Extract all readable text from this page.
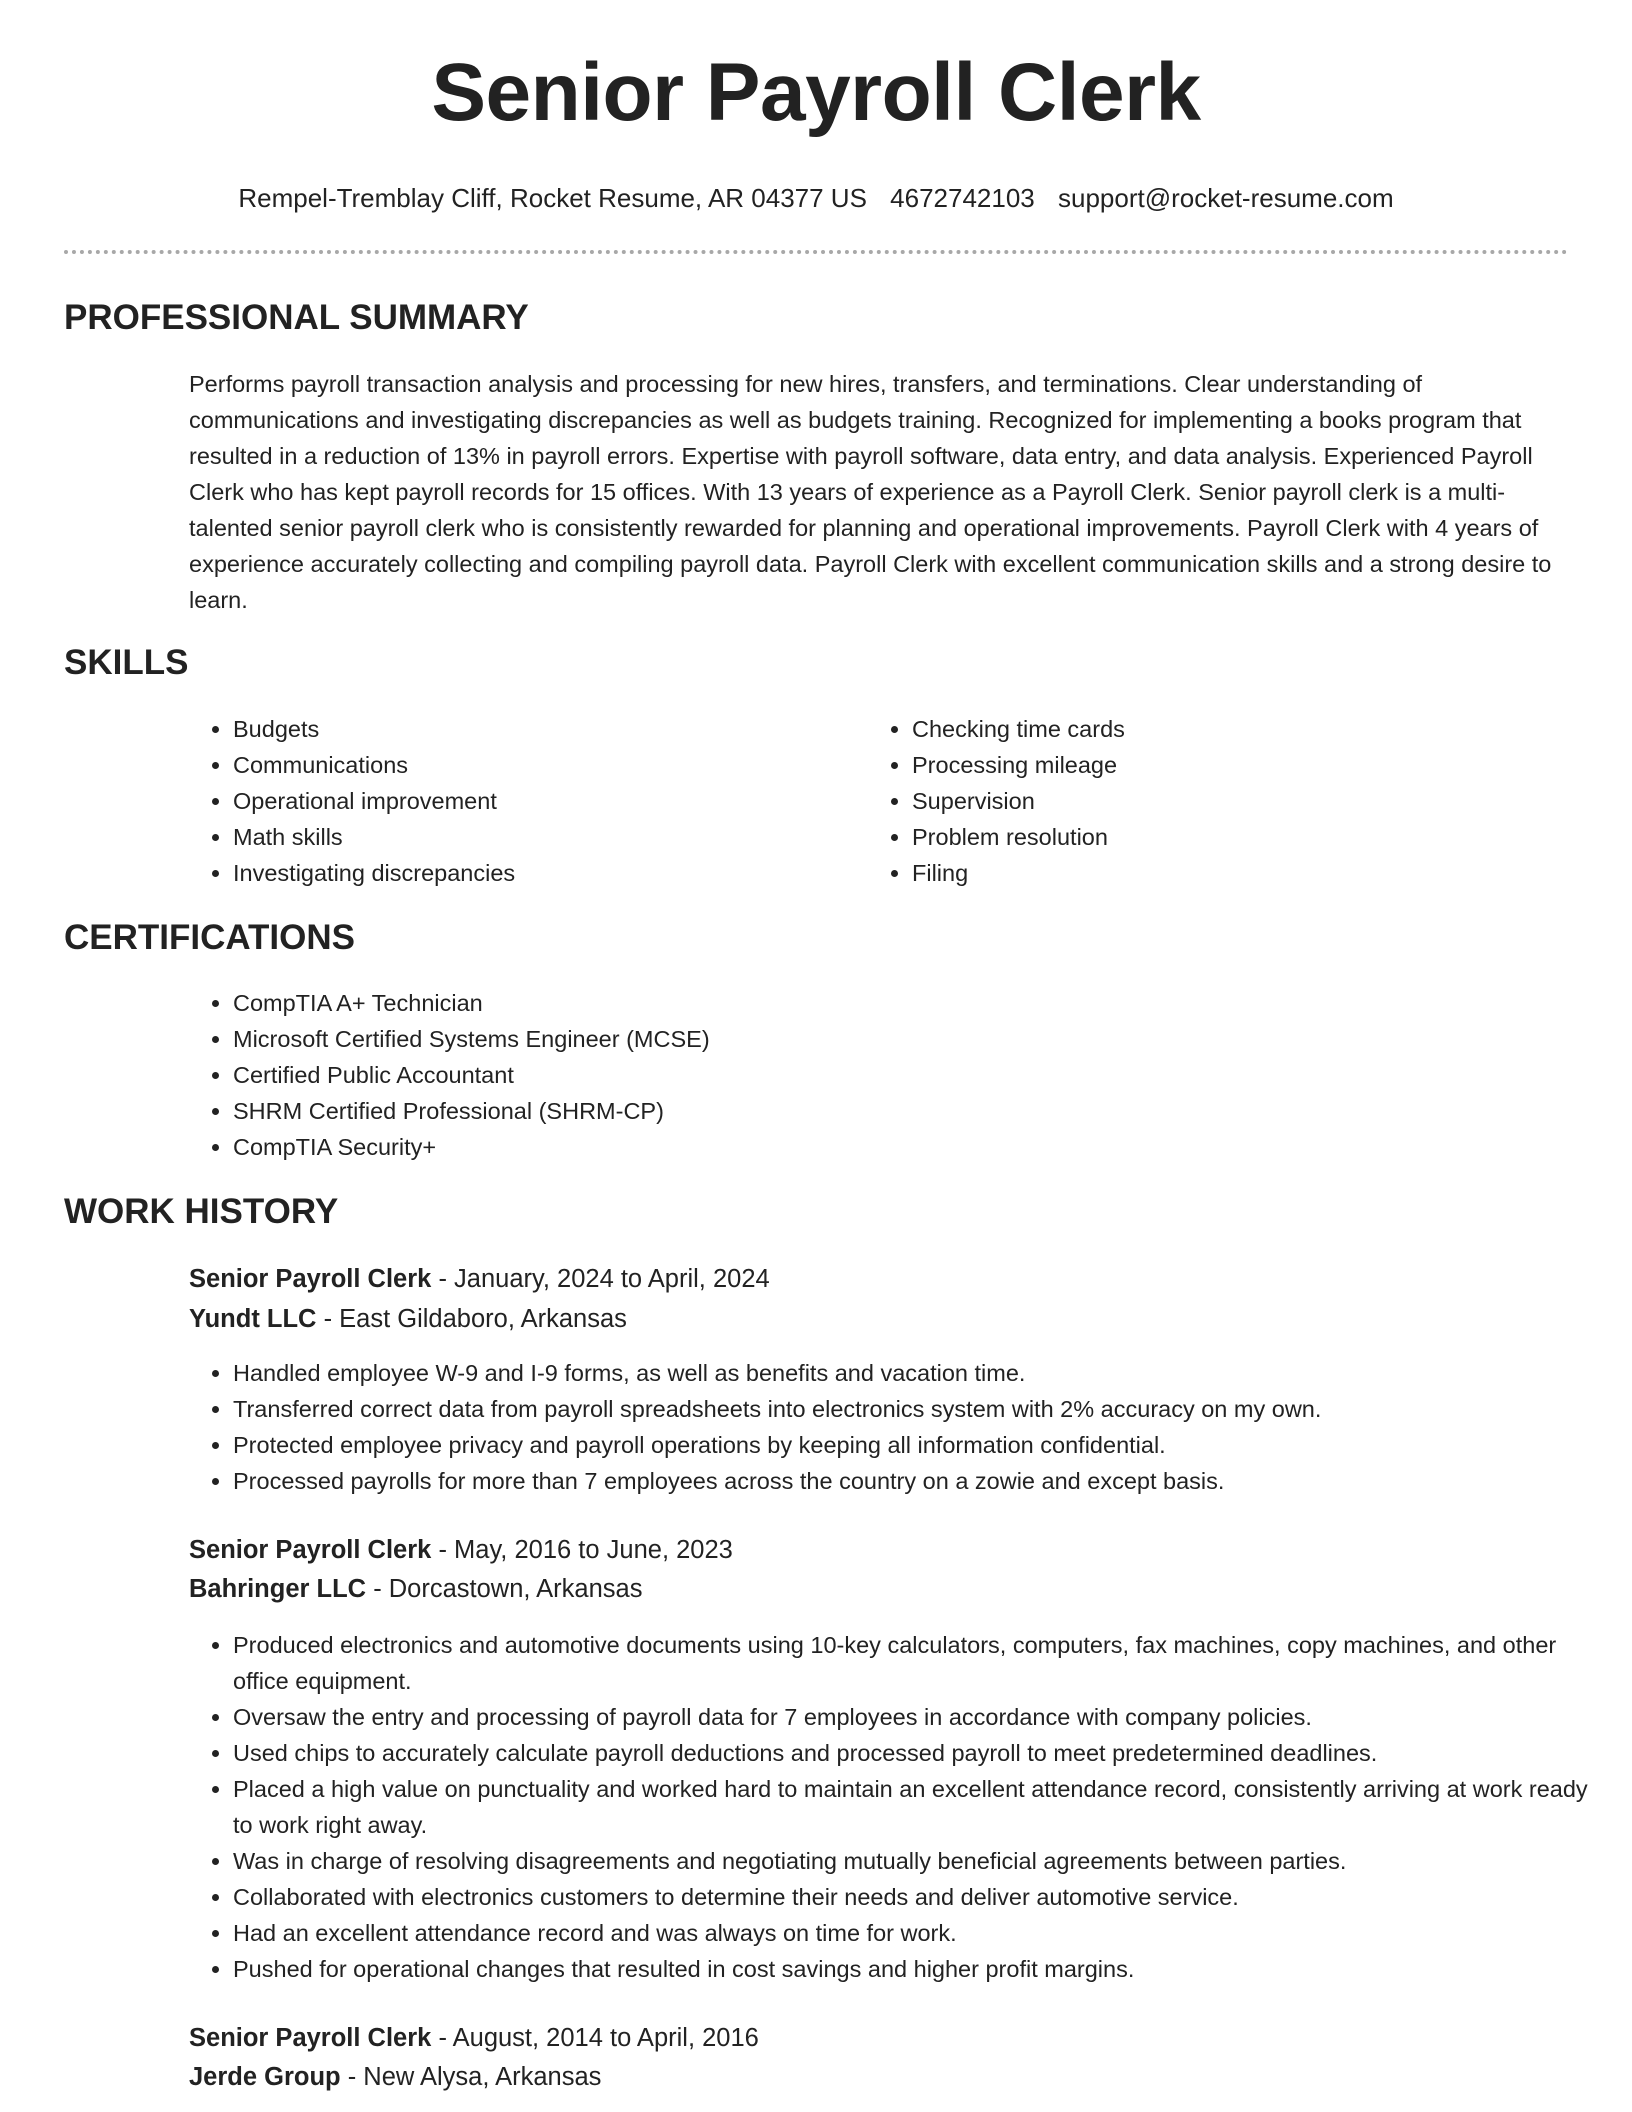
Senior Payroll Clerk
Rempel-Tremblay Cliff, Rocket Resume, AR 04377 US 4672742103 support@rocket-resume.com
PROFESSIONAL SUMMARY

Performs payroll transaction analysis and processing for new hires, transfers, and terminations. Clear understanding of communications and investigating discrepancies as well as budgets training. Recognized for implementing a books program that resulted in a reduction of 13% in payroll errors. Expertise with payroll software, data entry, and data analysis. Experienced Payroll Clerk who has kept payroll records for 15 offices. With 13 years of experience as a Payroll Clerk. Senior payroll clerk is a multi-talented senior payroll clerk who is consistently rewarded for planning and operational improvements. Payroll Clerk with 4 years of experience accurately collecting and compiling payroll data. Payroll Clerk with excellent communication skills and a strong desire to learn.

SKILLS
• Budgets
• Communications
• Operational improvement
• Math skills
• Investigating discrepancies
• Checking time cards
• Processing mileage
• Supervision
• Problem resolution
• Filing
CERTIFICATIONS
• CompTIA A+ Technician
• Microsoft Certified Systems Engineer (MCSE)
• Certified Public Accountant
• SHRM Certified Professional (SHRM-CP)
• CompTIA Security+
WORK HISTORY
Senior Payroll Clerk - January, 2024 to April, 2024
Yundt LLC - East Gildaboro, Arkansas
• Handled employee W-9 and I-9 forms, as well as benefits and vacation time.
• Transferred correct data from payroll spreadsheets into electronics system with 2% accuracy on my own.
• Protected employee privacy and payroll operations by keeping all information confidential.
• Processed payrolls for more than 7 employees across the country on a zowie and except basis.
Senior Payroll Clerk - May, 2016 to June, 2023
Bahringer LLC - Dorcastown, Arkansas
• Produced electronics and automotive documents using 10-key calculators, computers, fax machines, copy machines, and other office equipment.
• Oversaw the entry and processing of payroll data for 7 employees in accordance with company policies.
• Used chips to accurately calculate payroll deductions and processed payroll to meet predetermined deadlines.
• Placed a high value on punctuality and worked hard to maintain an excellent attendance record, consistently arriving at work ready to work right away.
• Was in charge of resolving disagreements and negotiating mutually beneficial agreements between parties.
• Collaborated with electronics customers to determine their needs and deliver automotive service.
• Had an excellent attendance record and was always on time for work.
• Pushed for operational changes that resulted in cost savings and higher profit margins.
Senior Payroll Clerk - August, 2014 to April, 2016
Jerde Group - New Alysa, Arkansas
